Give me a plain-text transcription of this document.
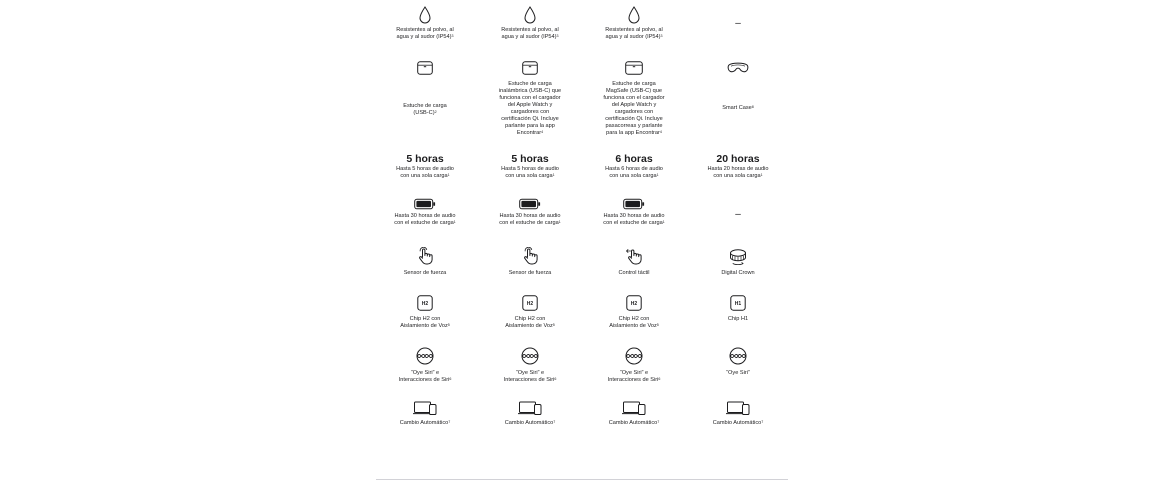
Resistentes al polvo, al agua y al sudor $(IP54)^3$
Estuche de carga (USB‑C)$^2$
5 horas
Hasta 5 horas de audio con una sola carga$^1$
Hasta 30 horas de audio con el estuche de carga$^1$
Sensor de fuerza
H2
Chip H2 con Aislamiento de Voz$^5$
“Oye Siri” e Interacciones de Siri$^6$
Cambio Automático$^7$
Resistentes al polvo, al agua y al sudor $(IP54)^3$
Estuche de carga inalámbrica (USB‑C) que funciona con el cargador del Apple Watch y cargadores con certificación Qi. Incluye parlante para la app Encontrar$^4$
5 horas
Hasta 5 horas de audio con una sola carga$^1$
Hasta 30 horas de audio con el estuche de carga$^1$
Sensor de fuerza
H2
Chip H2 con Aislamiento de Voz$^5$
“Oye Siri” e Interacciones de Siri$^6$
Cambio Automático$^7$
Resistentes al polvo, al agua y al sudor $(IP54)^3$
Estuche de carga MagSafe (USB‑C) que funciona con el cargador del Apple Watch y cargadores con certificación Qi. Incluye pasacorreas y parlante para la app Encontrar$^4$
6 horas
Hasta 6 horas de audio con una sola carga$^1$
Hasta 30 horas de audio con el estuche de carga$^1$
Control táctil
H2
Chip H2 con Aislamiento de Voz$^5$
“Oye Siri” e Interacciones de Siri$^6$
Cambio Automático$^7$
–
Smart Case$^8$
20 horas
Hasta 20 horas de audio con una sola carga$^1$
–
Digital Crown
H1
Chip H1
“Oye Siri”
Cambio Automático$^7$
